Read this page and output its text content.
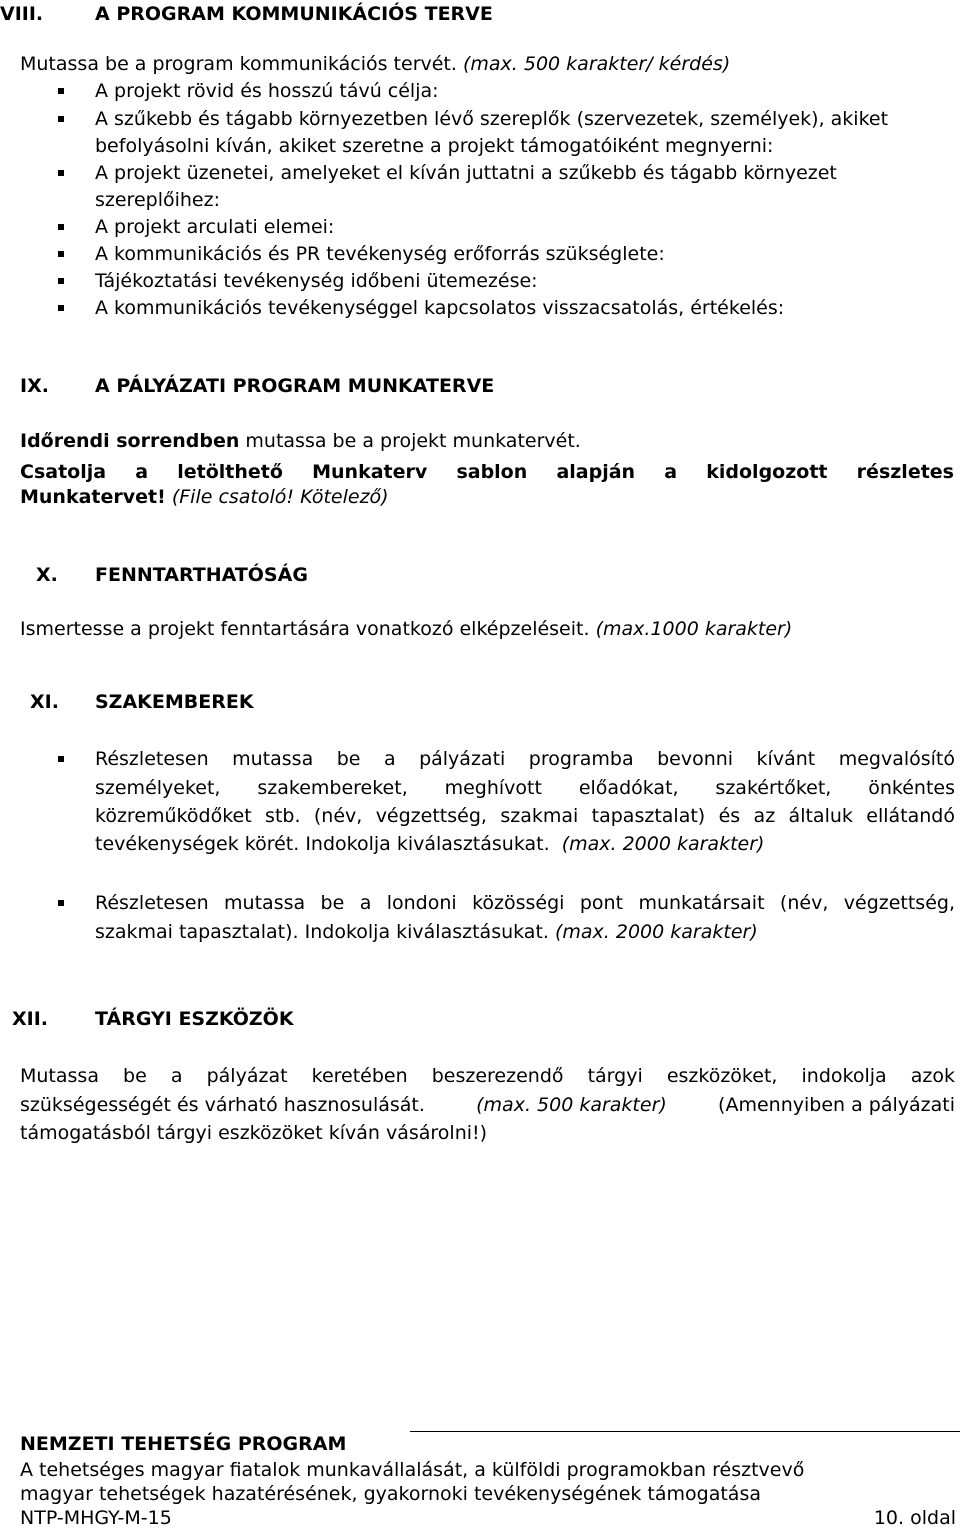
VIII.	A PROGRAM KOMMUNIKÁCIÓS TERVE
Mutassa be a program kommunikációs tervét. (max. 500 karakter/ kérdés)
A projekt rövid és hosszú távú célja:
A szűkebb és tágabb környezetben lévő szereplők (szervezetek, személyek), akiket
befolyásolni kíván, akiket szeretne a projekt támogatóiként megnyerni:
A projekt üzenetei, amelyeket el kíván juttatni a szűkebb és tágabb környezet
szereplőihez:
A projekt arculati elemei:
A kommunikációs és PR tevékenység erőforrás szükséglete:
Tájékoztatási tevékenység időbeni ütemezése:
A kommunikációs tevékenységgel kapcsolatos visszacsatolás, értékelés:
IX. A PÁLYÁZATI PROGRAM MUNKATERVE
Időrendi sorrendben mutassa be a projekt munkatervét.
Csatolja a letölthető Munkaterv sablon alapján a kidolgozott részletes
Munkatervet! (File csatoló! Kötelező)
X. FENNTARTHATÓSÁG
Ismertesse a projekt fenntartására vonatkozó elképzeléseit. (max.1000 karakter)
XI. SZAKEMBEREK
Részletesen mutassa be a pályázati programba bevonni kívánt megvalósító
személyeket, szakembereket, meghívott előadókat, szakértőket, önkéntes
közreműködőket stb. (név, végzettség, szakmai tapasztalat) és az általuk ellátandó
tevékenységek körét. Indokolja kiválasztásukat. (max. 2000 karakter)
Részletesen mutassa be a londoni közösségi pont munkatársait (név, végzettség,
szakmai tapasztalat). Indokolja kiválasztásukat. (max. 2000 karakter)
XII. TÁRGYI ESZKÖZÖK
Mutassa be a pályázat keretében beszerezendő tárgyi eszközöket, indokolja azok
szükségességét és várható hasznosulását.	(max. 500 karakter)	(Amennyiben a pályázati
támogatásból tárgyi eszközöket kíván vásárolni!)
NEMZETI TEHETSÉG PROGRAM
A tehetséges magyar fiatalok munkavállalását, a külföldi programokban résztvevő
magyar tehetségek hazatérésének, gyakornoki tevékenységének támogatása
NTP-MHGY-M-15	10. oldal
